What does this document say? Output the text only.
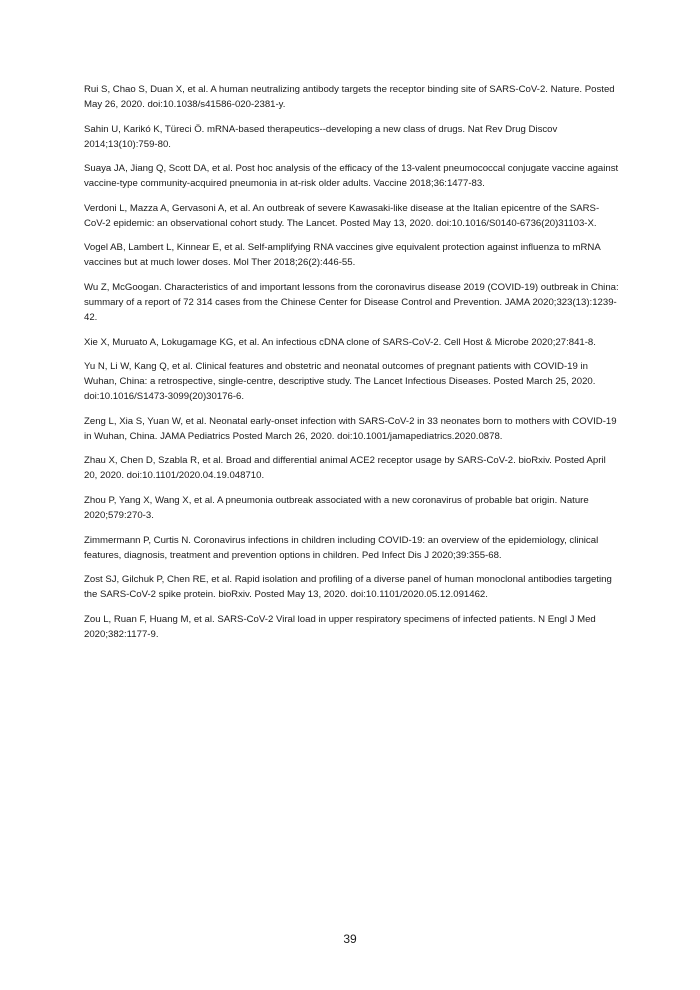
Rui S, Chao S, Duan X, et al. A human neutralizing antibody targets the receptor binding site of SARS-CoV-2. Nature. Posted May 26, 2020. doi:10.1038/s41586-020-2381-y.
Sahin U, Karikó K, Türeci Ö. mRNA-based therapeutics--developing a new class of drugs. Nat Rev Drug Discov 2014;13(10):759-80.
Suaya JA, Jiang Q, Scott DA, et al. Post hoc analysis of the efficacy of the 13-valent pneumococcal conjugate vaccine against vaccine-type community-acquired pneumonia in at-risk older adults. Vaccine 2018;36:1477-83.
Verdoni L, Mazza A, Gervasoni A, et al. An outbreak of severe Kawasaki-like disease at the Italian epicentre of the SARS-CoV-2 epidemic: an observational cohort study. The Lancet. Posted May 13, 2020. doi:10.1016/S0140-6736(20)31103-X.
Vogel AB, Lambert L, Kinnear E, et al. Self-amplifying RNA vaccines give equivalent protection against influenza to mRNA vaccines but at much lower doses. Mol Ther 2018;26(2):446-55.
Wu Z, McGoogan. Characteristics of and important lessons from the coronavirus disease 2019 (COVID-19) outbreak in China: summary of a report of 72 314 cases from the Chinese Center for Disease Control and Prevention. JAMA 2020;323(13):1239-42.
Xie X, Muruato A, Lokugamage KG, et al. An infectious cDNA clone of SARS-CoV-2. Cell Host & Microbe 2020;27:841-8.
Yu N, Li W, Kang Q, et al. Clinical features and obstetric and neonatal outcomes of pregnant patients with COVID-19 in Wuhan, China: a retrospective, single-centre, descriptive study. The Lancet Infectious Diseases. Posted March 25, 2020. doi:10.1016/S1473-3099(20)30176-6.
Zeng L, Xia S, Yuan W, et al. Neonatal early-onset infection with SARS-CoV-2 in 33 neonates born to mothers with COVID-19 in Wuhan, China. JAMA Pediatrics Posted March 26, 2020. doi:10.1001/jamapediatrics.2020.0878.
Zhau X, Chen D, Szabla R, et al. Broad and differential animal ACE2 receptor usage by SARS-CoV-2. bioRxiv. Posted April 20, 2020. doi:10.1101/2020.04.19.048710.
Zhou P, Yang X, Wang X, et al. A pneumonia outbreak associated with a new coronavirus of probable bat origin. Nature 2020;579:270-3.
Zimmermann P, Curtis N. Coronavirus infections in children including COVID-19: an overview of the epidemiology, clinical features, diagnosis, treatment and prevention options in children. Ped Infect Dis J 2020;39:355-68.
Zost SJ, Gilchuk P, Chen RE, et al. Rapid isolation and profiling of a diverse panel of human monoclonal antibodies targeting the SARS-CoV-2 spike protein. bioRxiv. Posted May 13, 2020. doi:10.1101/2020.05.12.091462.
Zou L, Ruan F, Huang M, et al. SARS-CoV-2 Viral load in upper respiratory specimens of infected patients. N Engl J Med 2020;382:1177-9.
39
